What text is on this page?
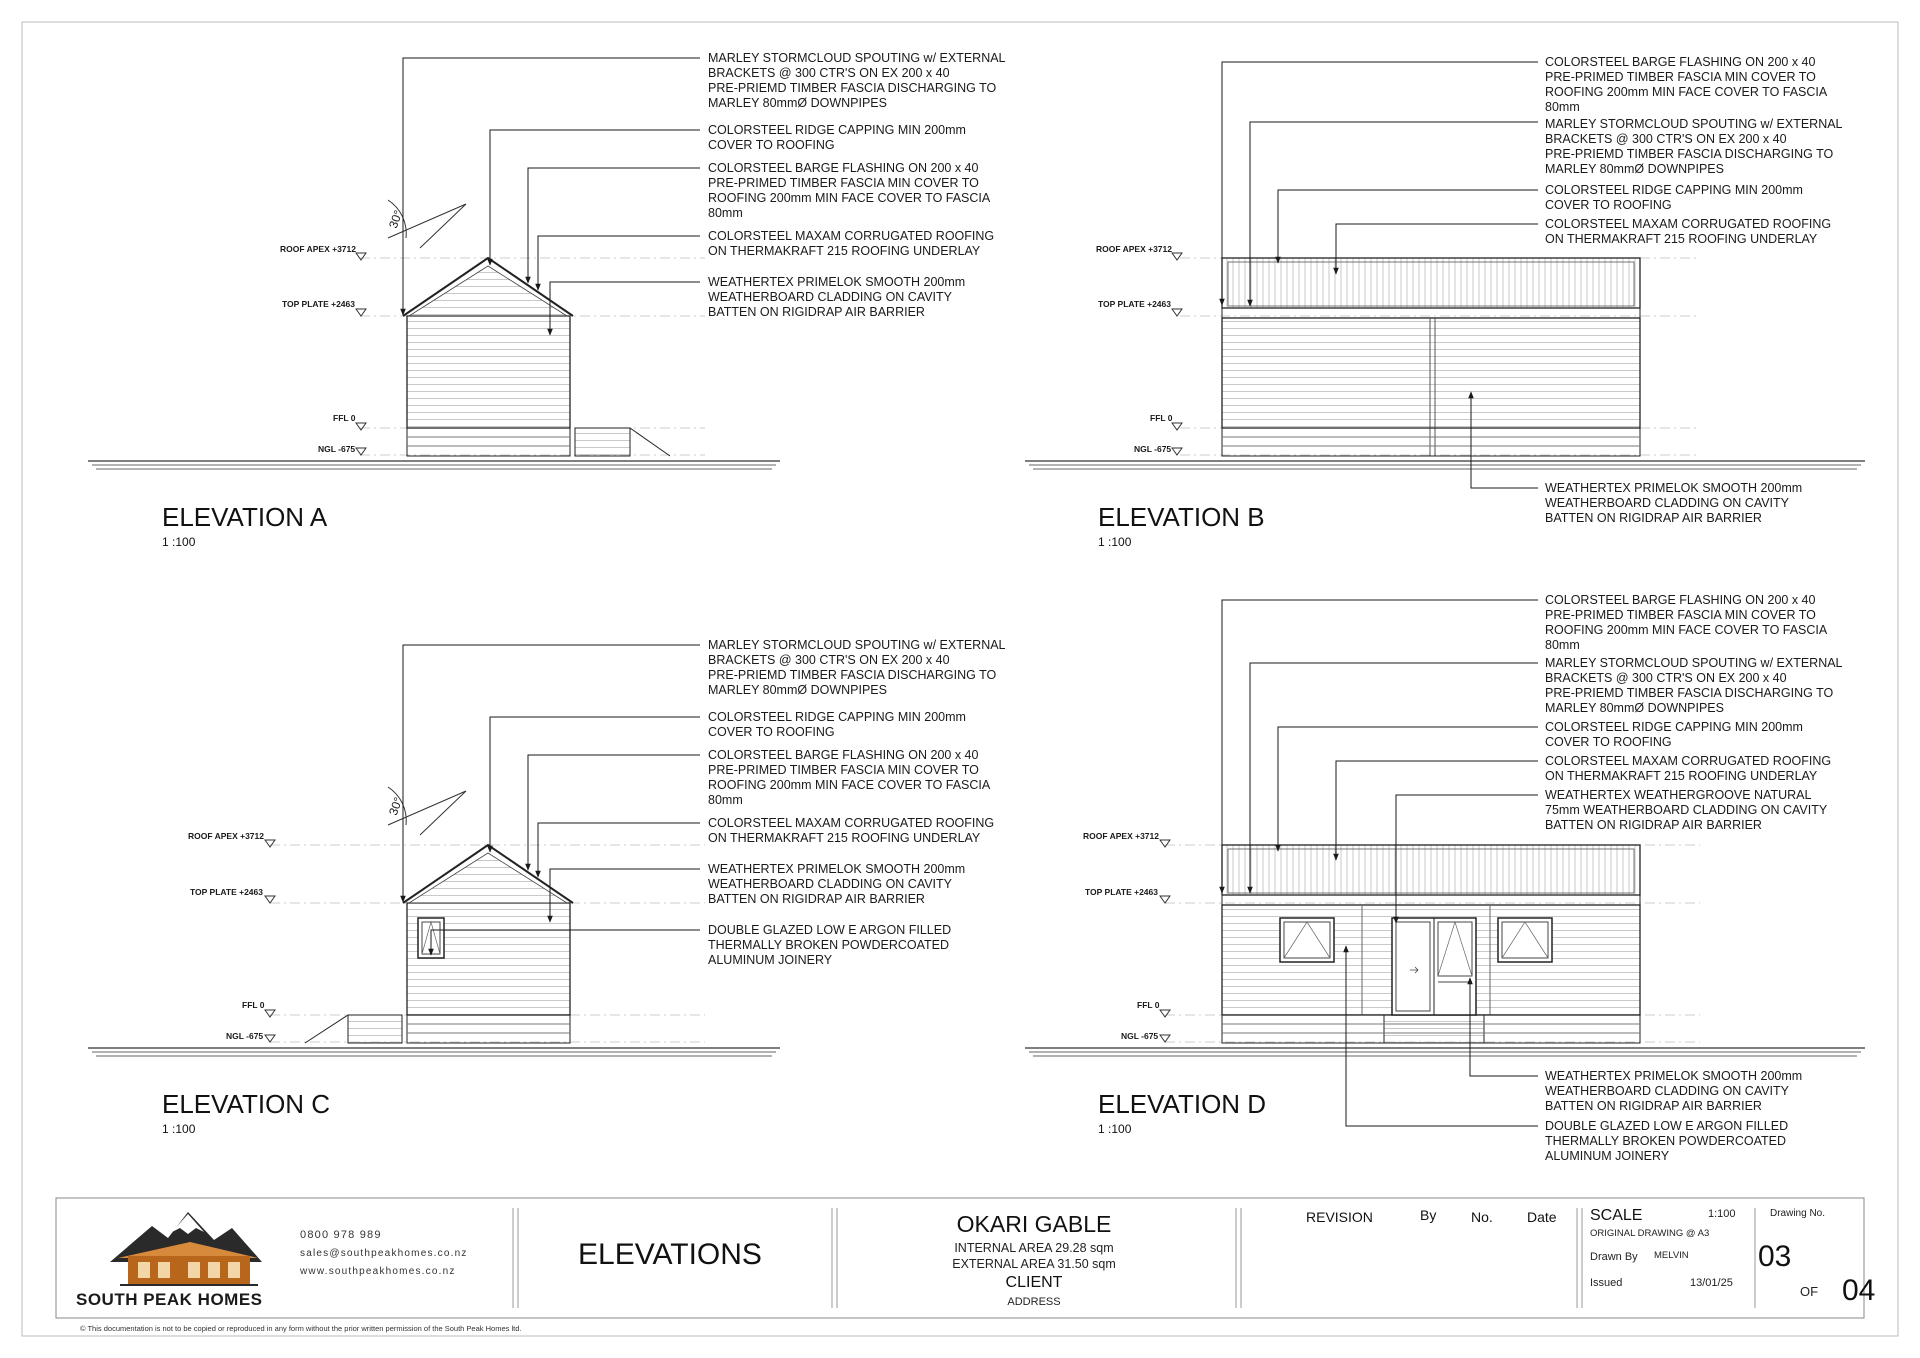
ROOF APEX +3712
TOP PLATE +2463
FFL 0
NGL -675
30°
MARLEY STORMCLOUD SPOUTING w/ EXTERNAL BRACKETS @ 300 CTR'S ON EX 200 x 40 PRE-PRIEMD TIMBER FASCIA DISCHARGING TO MARLEY 80mmØ DOWNPIPES
COLORSTEEL RIDGE CAPPING MIN 200mm COVER TO ROOFING
COLORSTEEL BARGE FLASHING ON 200 x 40 PRE-PRIMED TIMBER FASCIA MIN COVER TO ROOFING 200mm MIN FACE COVER TO FASCIA 80mm
COLORSTEEL MAXAM CORRUGATED ROOFING ON THERMAKRAFT 215 ROOFING UNDERLAY
WEATHERTEX PRIMELOK SMOOTH 200mm WEATHERBOARD CLADDING ON CAVITY BATTEN ON RIGIDRAP AIR BARRIER
ELEVATION A
1 :100
ROOF APEX +3712
TOP PLATE +2463
FFL 0
NGL -675
COLORSTEEL BARGE FLASHING ON 200 x 40 PRE-PRIMED TIMBER FASCIA MIN COVER TO ROOFING 200mm MIN FACE COVER TO FASCIA 80mm
MARLEY STORMCLOUD SPOUTING w/ EXTERNAL BRACKETS @ 300 CTR'S ON EX 200 x 40 PRE-PRIEMD TIMBER FASCIA DISCHARGING TO MARLEY 80mmØ DOWNPIPES
COLORSTEEL RIDGE CAPPING MIN 200mm COVER TO ROOFING
COLORSTEEL MAXAM CORRUGATED ROOFING ON THERMAKRAFT 215 ROOFING UNDERLAY
WEATHERTEX PRIMELOK SMOOTH 200mm WEATHERBOARD CLADDING ON CAVITY BATTEN ON RIGIDRAP AIR BARRIER
ELEVATION B
1 :100
ROOF APEX +3712
TOP PLATE +2463
FFL 0
NGL -675
30°
MARLEY STORMCLOUD SPOUTING w/ EXTERNAL BRACKETS @ 300 CTR'S ON EX 200 x 40 PRE-PRIEMD TIMBER FASCIA DISCHARGING TO MARLEY 80mmØ DOWNPIPES
COLORSTEEL RIDGE CAPPING MIN 200mm COVER TO ROOFING
COLORSTEEL BARGE FLASHING ON 200 x 40 PRE-PRIMED TIMBER FASCIA MIN COVER TO ROOFING 200mm MIN FACE COVER TO FASCIA 80mm
COLORSTEEL MAXAM CORRUGATED ROOFING ON THERMAKRAFT 215 ROOFING UNDERLAY
WEATHERTEX PRIMELOK SMOOTH 200mm WEATHERBOARD CLADDING ON CAVITY BATTEN ON RIGIDRAP AIR BARRIER
DOUBLE GLAZED LOW E ARGON FILLED THERMALLY BROKEN POWDERCOATED ALUMINUM JOINERY
ELEVATION C
1 :100
ROOF APEX +3712
TOP PLATE +2463
FFL 0
NGL -675
COLORSTEEL BARGE FLASHING ON 200 x 40 PRE-PRIMED TIMBER FASCIA MIN COVER TO ROOFING 200mm MIN FACE COVER TO FASCIA 80mm
MARLEY STORMCLOUD SPOUTING w/ EXTERNAL BRACKETS @ 300 CTR'S ON EX 200 x 40 PRE-PRIEMD TIMBER FASCIA DISCHARGING TO MARLEY 80mmØ DOWNPIPES
COLORSTEEL RIDGE CAPPING MIN 200mm COVER TO ROOFING
COLORSTEEL MAXAM CORRUGATED ROOFING ON THERMAKRAFT 215 ROOFING UNDERLAY
WEATHERTEX WEATHERGROOVE NATURAL 75mm WEATHERBOARD CLADDING ON CAVITY BATTEN ON RIGIDRAP AIR BARRIER
WEATHERTEX PRIMELOK SMOOTH 200mm WEATHERBOARD CLADDING ON CAVITY BATTEN ON RIGIDRAP AIR BARRIER
DOUBLE GLAZED LOW E ARGON FILLED THERMALLY BROKEN POWDERCOATED ALUMINUM JOINERY
ELEVATION D
1 :100
SOUTH PEAK HOMES
0800 978 989
sales@southpeakhomes.co.nz
www.southpeakhomes.co.nz
ELEVATIONS
OKARI GABLE
INTERNAL AREA 29.28 sqm
EXTERNAL AREA 31.50 sqm
CLIENT
ADDRESS
REVISION	By No. Date SCALE	1:100
ORIGINAL DRAWING @ A3
Drawn By MELVIN
Issued	13/01/25
Drawing No.
03
OF 04
© This documentation is not to be copied or reproduced in any form without the prior written permission of the South Peak Homes ltd.
